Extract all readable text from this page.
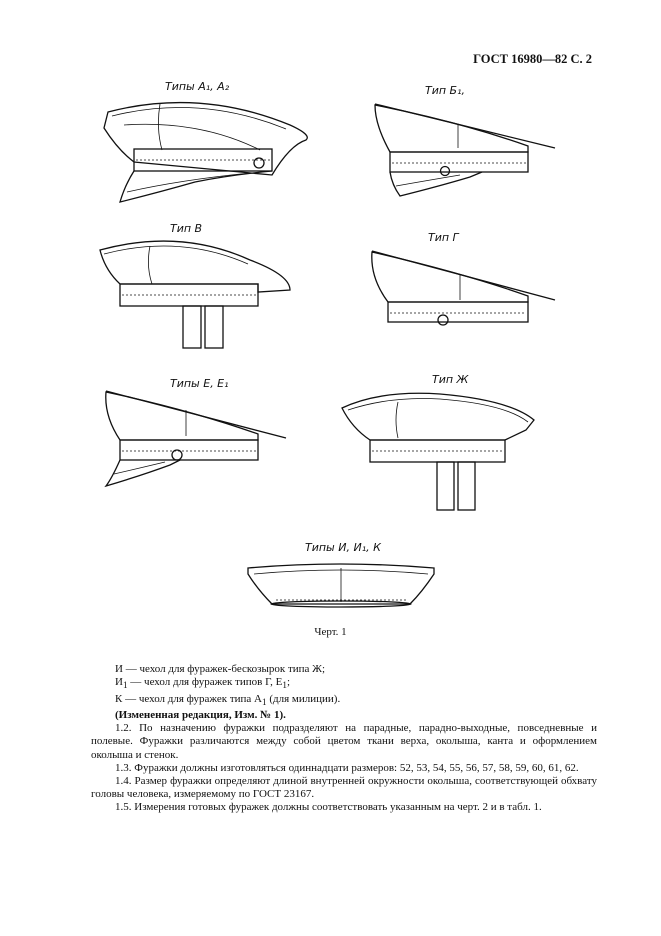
ГОСТ 16980—82 С. 2
Типы А₁, А₂	Тип Б₁,
Тип В
Тип Г
Типы Е, Е₁	Тип Ж
Типы И, И₁, К
Черт. 1

И — чехол для фуражек-бескозырок типа Ж;

$И_1$ — чехол для фуражек типов Г, $Е_1$;

К — чехол для фуражек типа $А_1$ (для милиции).

(Измененная редакция, Изм. № 1).

1.2. По назначению фуражки подразделяют на парадные, парадно-выходные, повседневные и полевые. Фуражки различаются между собой цветом ткани верха, околыша, канта и оформлением околыша и стенок.

1.3. Фуражки должны изготовляться одиннадцати размеров: 52, 53, 54, 55, 56, 57, 58, 59, 60, 61, 62.

1.4. Размер фуражки определяют длиной внутренней окружности околыша, соответствующей обхвату головы человека, измеряемому по ГОСТ 23167.

1.5. Измерения готовых фуражек должны соответствовать указанным на черт. 2 и в табл. 1.
